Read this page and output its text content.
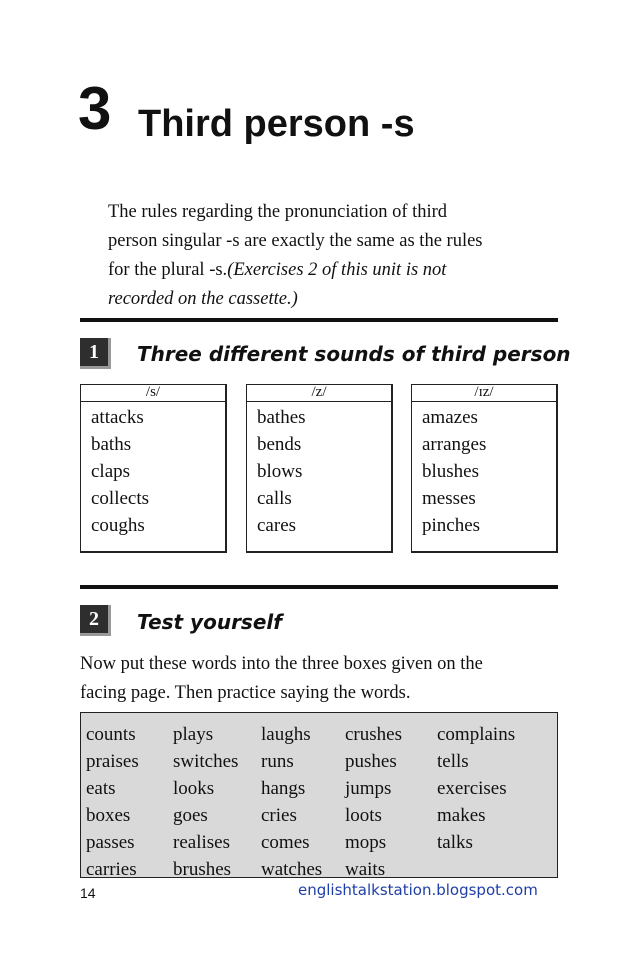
3 Third person -s
The rules regarding the pronunciation of third
person singular -s are exactly the same as the rules
for the plural -s.(Exercises 2 of this unit is not
recorded on the cassette.)
1	Three different sounds of third person
/s/
attacks
baths
claps
collects
coughs
/z/
bathes
bends
blows
calls
cares
/ɪz/
amazes
arranges
blushes
messes
pinches
2	Test yourself
Now put these words into the three boxes given on the
facing page. Then practice saying the words.
counts plays	laughs crushes complains
praises switches runs	pushes tells
eats	looks hangs jumps exercises
boxes goes	cries	loots	makes
passes realises comes mops	talks
carries brushes watches waits
14	englishtalkstation.blogspot.com
